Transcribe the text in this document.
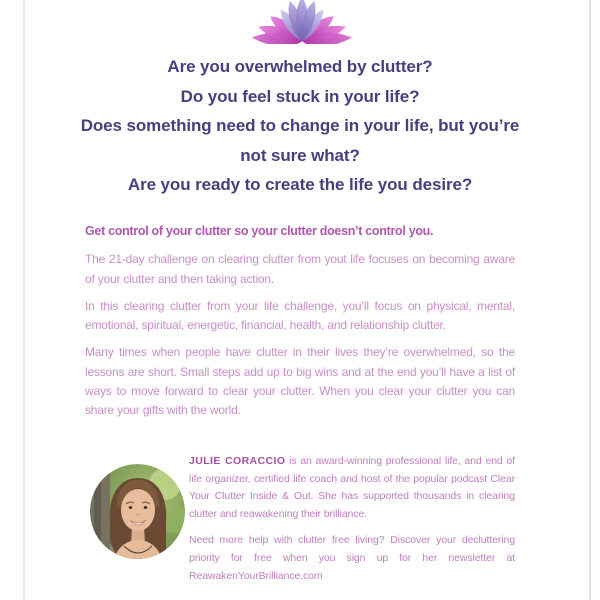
Are you overwhelmed by clutter?
Do you feel stuck in your life?
Does something need to change in your life, but you’re
not sure what?
Are you ready to create the life you desire?

Get control of your clutter so your clutter doesn’t control you.

The 21-day challenge on clearing clutter from yout life focuses on becoming aware of your clutter and then taking action.

In this clearing clutter from your life challenge, you’ll focus on physical, mental, emotional, spiritual, energetic, financial, health, and relationship clutter.

Many times when people have clutter in their lives they’re overwhelmed, so the lessons are short. Small steps add up to big wins and at the end you’ll have a list of ways to move forward to clear your clutter. When you clear your clutter you can share your gifts with the world.

JULIE CORACCIO is an award-winning professional life, and end of life organizer, certified life coach and host of the popular podcast Clear Your Clutter Inside & Out. She has supported thousands in clearing clutter and reawakening their brilliance.

Need more help with clutter free living? Discover your decluttering priority for free when you sign up for her newsletter at ReawakenYourBrilliance.com
